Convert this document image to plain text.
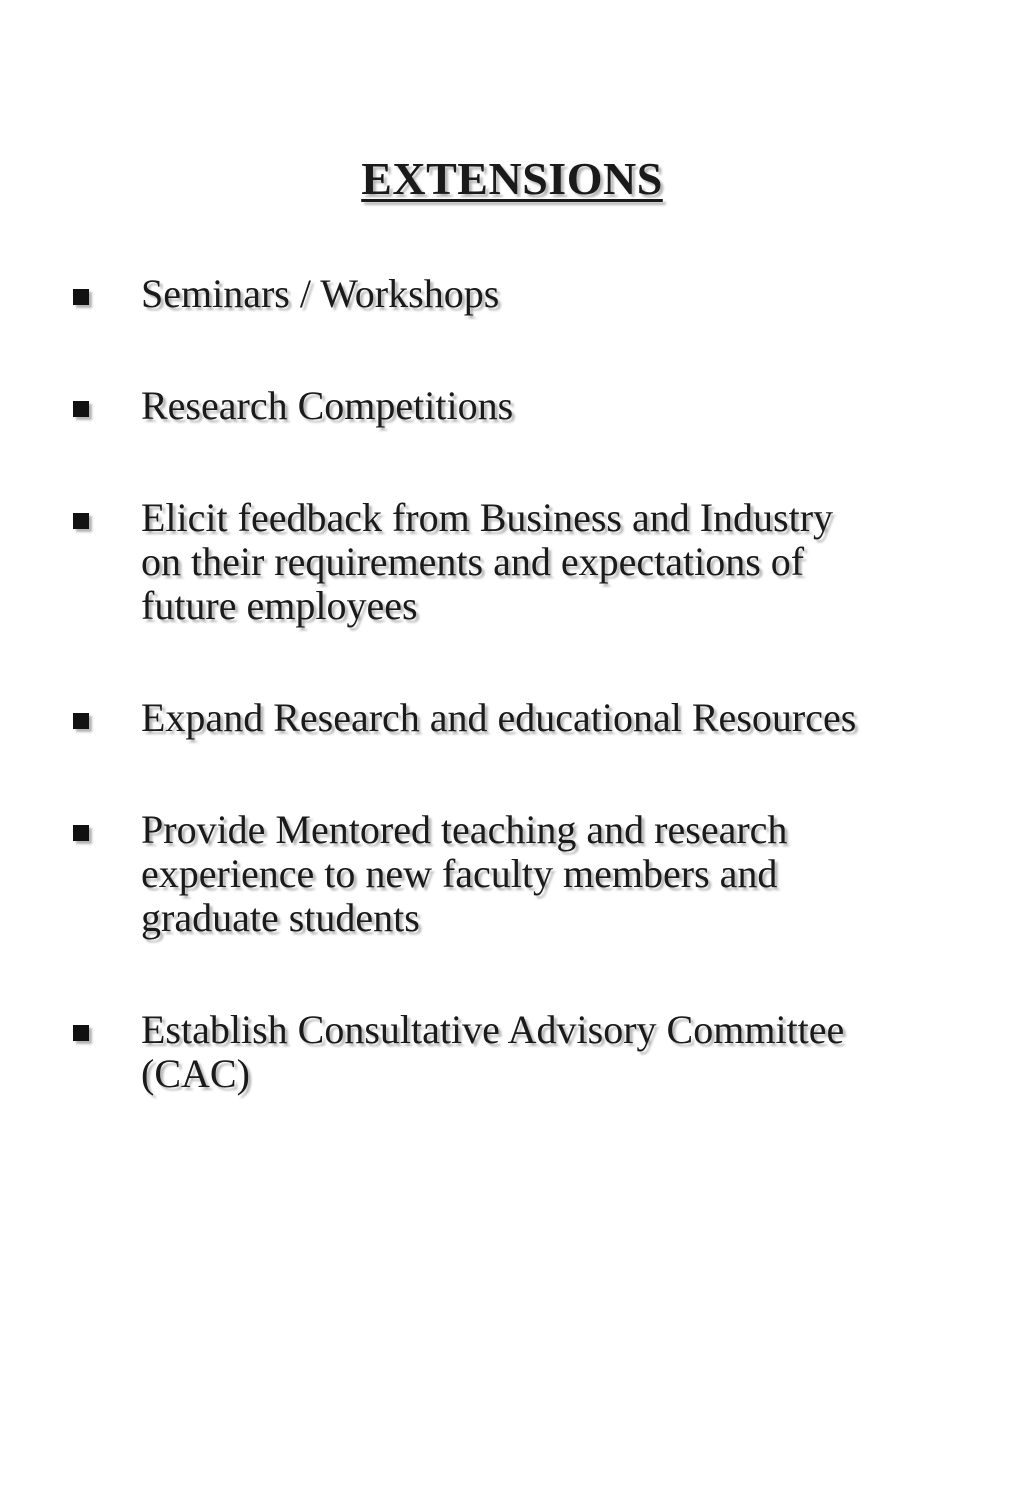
EXTENSIONS
Seminars / Workshops
Research Competitions
Elicit feedback from Business and Industry
on their requirements and expectations of
future employees
Expand Research and educational Resources
Provide Mentored teaching and research
experience to new faculty members and
graduate students
Establish Consultative Advisory Committee
(CAC)
